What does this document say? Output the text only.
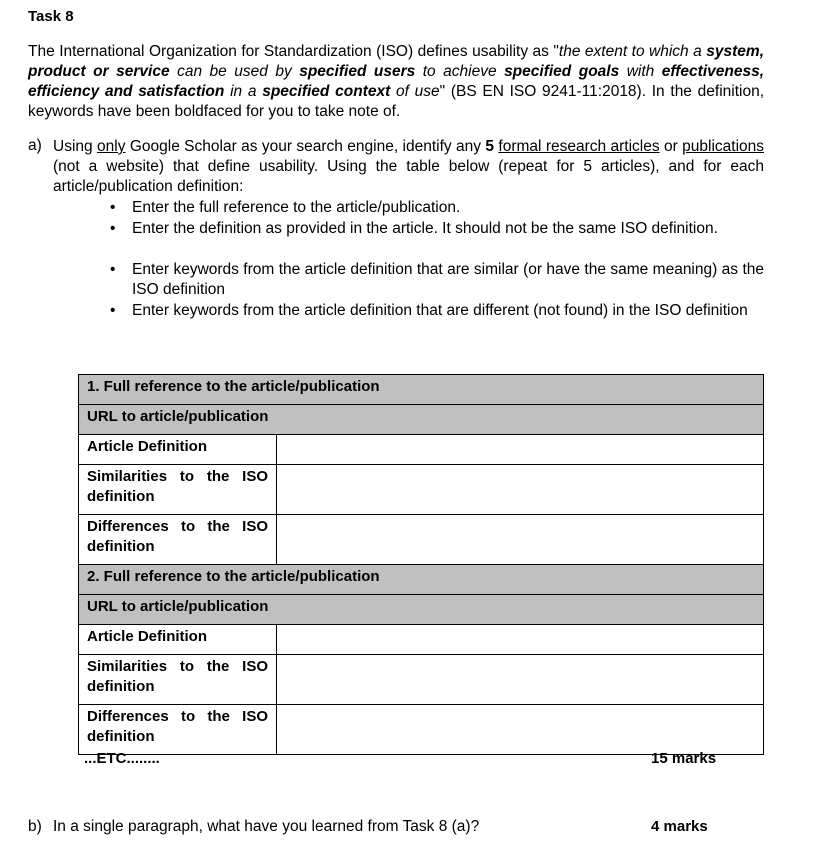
Task 8
The International Organization for Standardization (ISO) defines usability as "the extent to which a system, product or service can be used by specified users to achieve specified goals with effectiveness, efficiency and satisfaction in a specified context of use" (BS EN ISO 9241-11:2018). In the definition, keywords have been boldfaced for you to take note of.
a) Using only Google Scholar as your search engine, identify any 5 formal research articles or publications (not a website) that define usability. Using the table below (repeat for 5 articles), and for each article/publication definition:
• Enter the full reference to the article/publication.
• Enter the definition as provided in the article. It should not be the same ISO definition.
• Enter keywords from the article definition that are similar (or have the same meaning) as the ISO definition
• Enter keywords from the article definition that are different (not found) in the ISO definition
1. Full reference to the article/publication	
URL to article/publication	
Article Definition	
Similarities to the ISO definition	
Differences to the ISO definition	
2. Full reference to the article/publication	
URL to article/publication	
Article Definition	
Similarities to the ISO definition	
Differences to the ISO definition	
...ETC........	15 marks
b) In a single paragraph, what have you learned from Task 8 (a)?	4 marks
